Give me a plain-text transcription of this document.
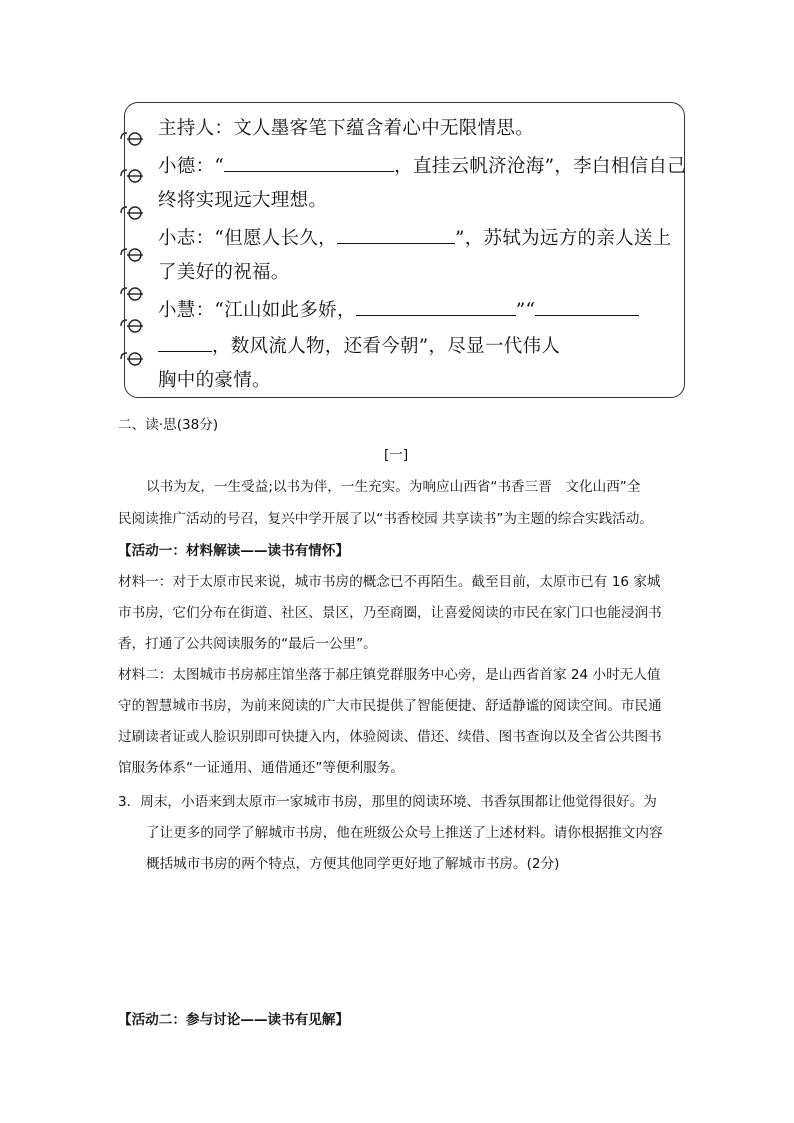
主持人：文人墨客笔下蕴含着心中无限情思。
小德：“	，直挂云帆济沧海”，李白相信自己
终将实现远大理想。
小志：“但愿人长久，	”，苏轼为远方的亲人送上
了美好的祝福。
小慧：“江山如此多娇，	”“
，数风流人物，还看今朝”，尽显一代伟人
胸中的豪情。
二、读·思(38分)
[一]
以书为友，一生受益;以书为伴，一生充实。为响应山西省“书香三晋　文化山西”全
民阅读推广活动的号召，复兴中学开展了以“书香校园 共享读书”为主题的综合实践活动。
【活动一：材料解读——读书有情怀】
材料一：对于太原市民来说，城市书房的概念已不再陌生。截至目前，太原市已有 16 家城
市书房，它们分布在街道、社区、景区，乃至商圈，让喜爱阅读的市民在家门口也能浸润书
香，打通了公共阅读服务的“最后一公里”。
材料二：太图城市书房郝庄馆坐落于郝庄镇党群服务中心旁，是山西省首家 24 小时无人值
守的智慧城市书房，为前来阅读的广大市民提供了智能便捷、舒适静谧的阅读空间。市民通
过刷读者证或人脸识别即可快捷入内，体验阅读、借还、续借、图书查询以及全省公共图书
馆服务体系“一证通用、通借通还”等便利服务。
3．周末，小语来到太原市一家城市书房，那里的阅读环境、书香氛围都让他觉得很好。为
了让更多的同学了解城市书房，他在班级公众号上推送了上述材料。请你根据推文内容
概括城市书房的两个特点，方便其他同学更好地了解城市书房。(2分)
【活动二：参与讨论——读书有见解】
